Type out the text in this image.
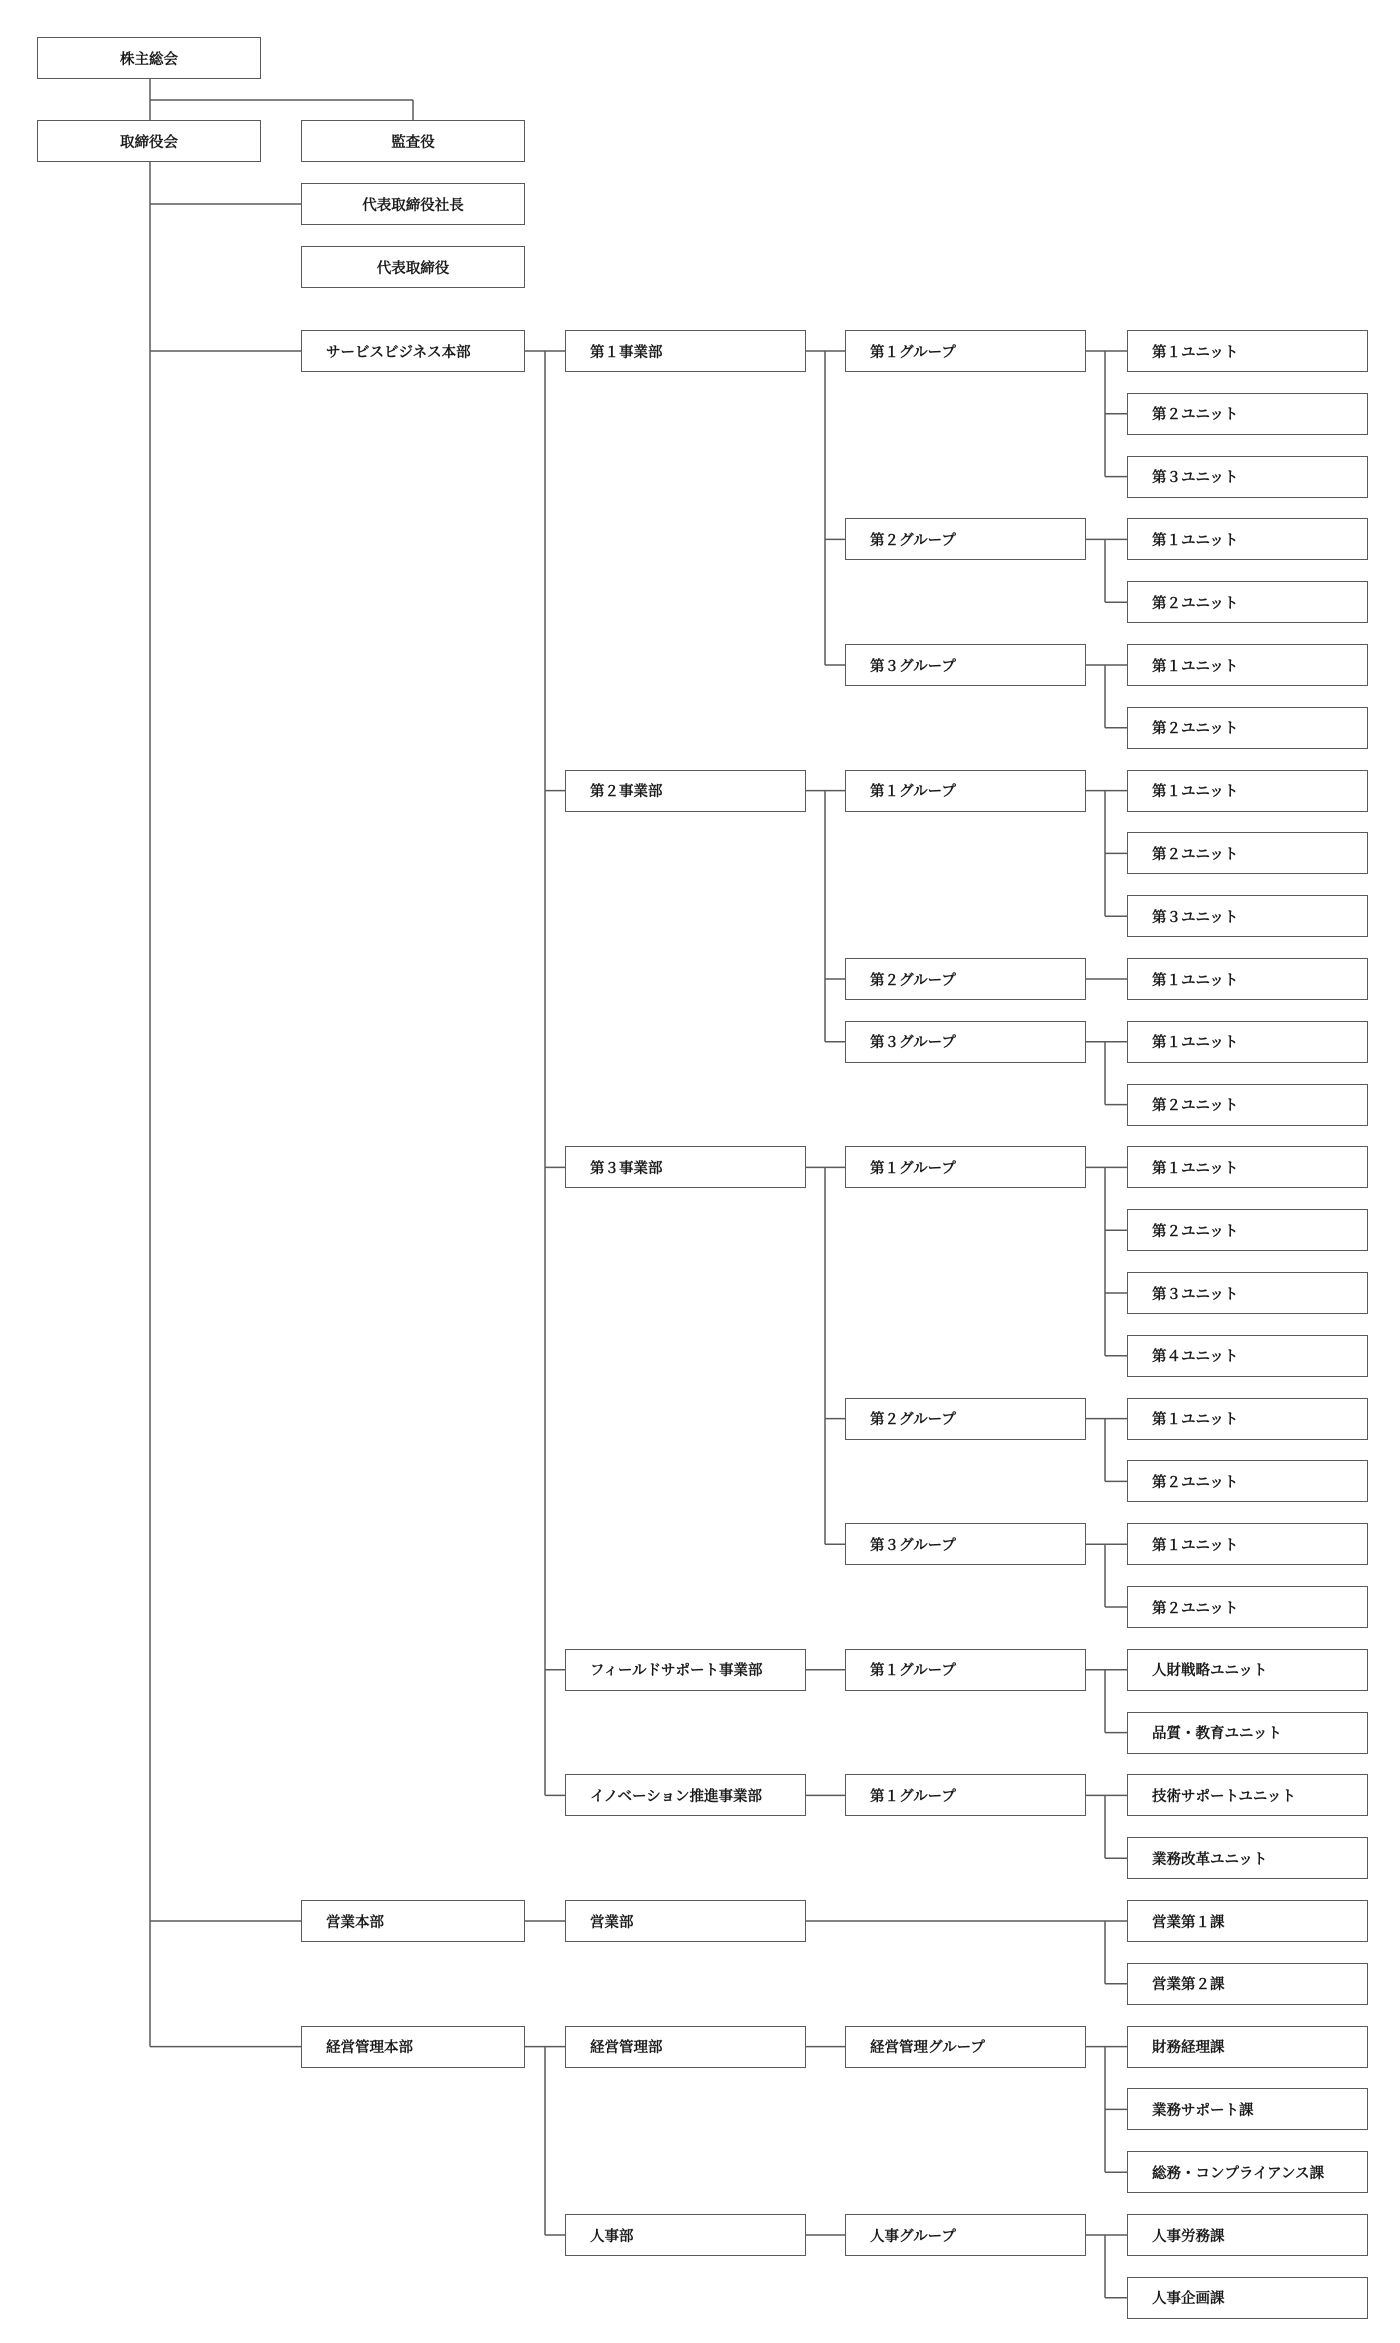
株主総会
取締役会	監査役
代表取締役社長
代表取締役
サービスビジネス本部	第１事業部	第１グループ	第１ユニット
第２ユニット
第３ユニット
第２グループ	第１ユニット
第２ユニット
第３グループ	第１ユニット
第２ユニット
第２事業部	第１グループ	第１ユニット
第２ユニット
第３ユニット
第２グループ	第１ユニット
第３グループ	第１ユニット
第２ユニット
第３事業部	第１グループ	第１ユニット
第２ユニット
第３ユニット
第４ユニット
第２グループ	第１ユニット
第２ユニット
第３グループ	第１ユニット
第２ユニット
フィールドサポート事業部	第１グループ	人財戦略ユニット
品質・教育ユニット
イノベーション推進事業部	第１グループ	技術サポートユニット
業務改革ユニット
営業本部	営業部	営業第１課
営業第２課
経営管理本部	経営管理部	経営管理グループ	財務経理課
業務サポート課
総務・コンプライアンス課
人事部	人事グループ	人事労務課
人事企画課
